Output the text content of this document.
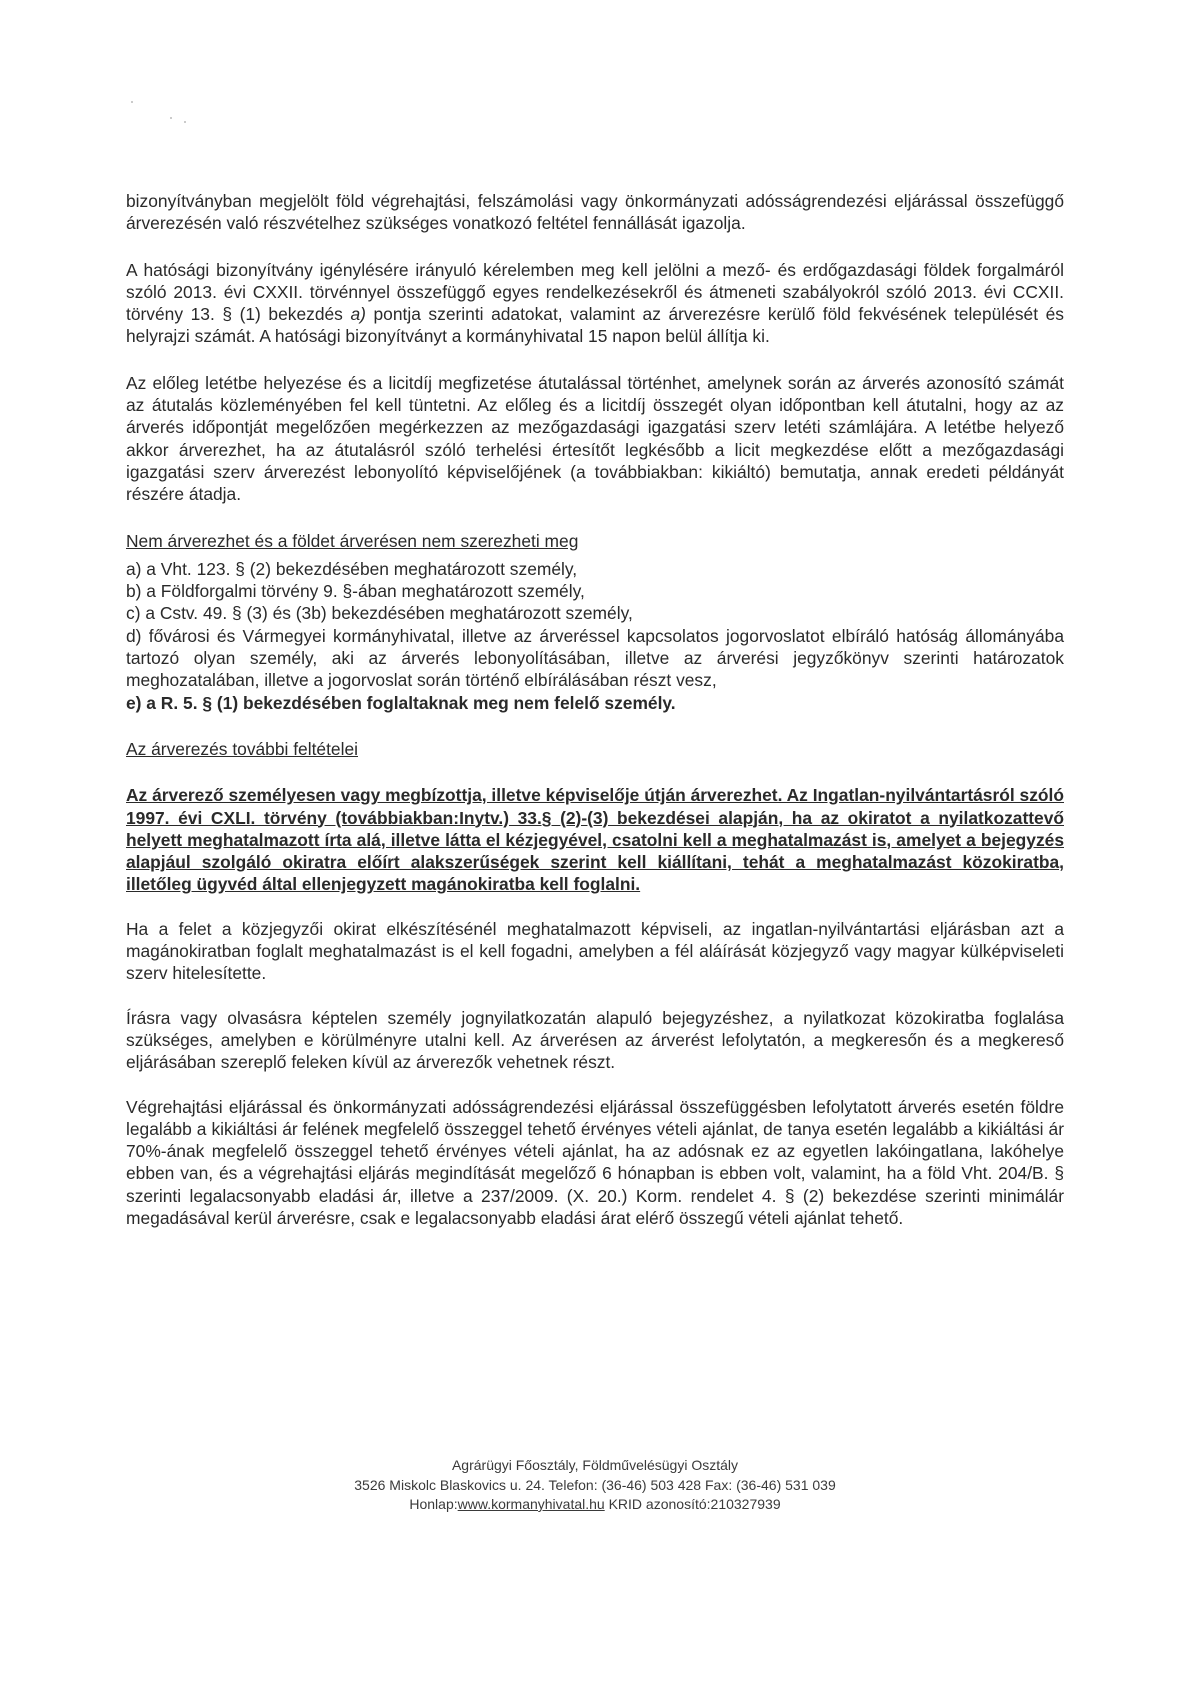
bizonyítványban megjelölt föld végrehajtási, felszámolási vagy önkormányzati adósságrendezési eljárással összefüggő árverezésén való részvételhez szükséges vonatkozó feltétel fennállását igazolja.

A hatósági bizonyítvány igénylésére irányuló kérelemben meg kell jelölni a mező- és erdőgazdasági földek forgalmáról szóló 2013. évi CXXII. törvénnyel összefüggő egyes rendelkezésekről és átmeneti szabályokról szóló 2013. évi CCXII. törvény 13. § (1) bekezdés a) pontja szerinti adatokat, valamint az árverezésre kerülő föld fekvésének települését és helyrajzi számát. A hatósági bizonyítványt a kormányhivatal 15 napon belül állítja ki.

Az előleg letétbe helyezése és a licitdíj megfizetése átutalással történhet, amelynek során az árverés azonosító számát az átutalás közleményében fel kell tüntetni. Az előleg és a licitdíj összegét olyan időpontban kell átutalni, hogy az az árverés időpontját megelőzően megérkezzen az mezőgazdasági igazgatási szerv letéti számlájára. A letétbe helyező akkor árverezhet, ha az átutalásról szóló terhelési értesítőt legkésőbb a licit megkezdése előtt a mezőgazdasági igazgatási szerv árverezést lebonyolító képviselőjének (a továbbiakban: kikiáltó) bemutatja, annak eredeti példányát részére átadja.

Nem árverezhet és a földet árverésen nem szerezheti meg

a) a Vht. 123. § (2) bekezdésében meghatározott személy,
b) a Földforgalmi törvény 9. §-ában meghatározott személy,
c) a Cstv. 49. § (3) és (3b) bekezdésében meghatározott személy,
d) fővárosi és Vármegyei kormányhivatal, illetve az árveréssel kapcsolatos jogorvoslatot elbíráló hatóság állományába tartozó olyan személy, aki az árverés lebonyolításában, illetve az árverési jegyzőkönyv szerinti határozatok meghozatalában, illetve a jogorvoslat során történő elbírálásában részt vesz,
e) a R. 5. § (1) bekezdésében foglaltaknak meg nem felelő személy.

Az árverezés további feltételei

Az árverező személyesen vagy megbízottja, illetve képviselője útján árverezhet. Az Ingatlan-nyilvántartásról szóló 1997. évi CXLI. törvény (továbbiakban:Inytv.) 33.§ (2)-(3) bekezdései alapján, ha az okiratot a nyilatkozattevő helyett meghatalmazott írta alá, illetve látta el kézjegyével, csatolni kell a meghatalmazást is, amelyet a bejegyzés alapjául szolgáló okiratra előírt alakszerűségek szerint kell kiállítani, tehát a meghatalmazást közokiratba, illetőleg ügyvéd által ellenjegyzett magánokiratba kell foglalni.

Ha a felet a közjegyzői okirat elkészítésénél meghatalmazott képviseli, az ingatlan-nyilvántartási eljárásban azt a magánokiratban foglalt meghatalmazást is el kell fogadni, amelyben a fél aláírását közjegyző vagy magyar külképviseleti szerv hitelesítette.

Írásra vagy olvasásra képtelen személy jognyilatkozatán alapuló bejegyzéshez, a nyilatkozat közokiratba foglalása szükséges, amelyben e körülményre utalni kell. Az árverésen az árverést lefolytatón, a megkeresőn és a megkereső eljárásában szereplő feleken kívül az árverezők vehetnek részt.

Végrehajtási eljárással és önkormányzati adósságrendezési eljárással összefüggésben lefolytatott árverés esetén földre legalább a kikiáltási ár felének megfelelő összeggel tehető érvényes vételi ajánlat, de tanya esetén legalább a kikiáltási ár 70%-ának megfelelő összeggel tehető érvényes vételi ajánlat, ha az adósnak ez az egyetlen lakóingatlana, lakóhelye ebben van, és a végrehajtási eljárás megindítását megelőző 6 hónapban is ebben volt, valamint, ha a föld Vht. 204/B. § szerinti legalacsonyabb eladási ár, illetve a 237/2009. (X. 20.) Korm. rendelet 4. § (2) bekezdése szerinti minimálár megadásával kerül árverésre, csak e legalacsonyabb eladási árat elérő összegű vételi ajánlat tehető.

Agrárügyi Főosztály, Földművelésügyi Osztály
3526 Miskolc Blaskovics u. 24. Telefon: (36-46) 503 428 Fax: (36-46) 531 039
Honlap:www.kormanyhivatal.hu KRID azonosító:210327939
